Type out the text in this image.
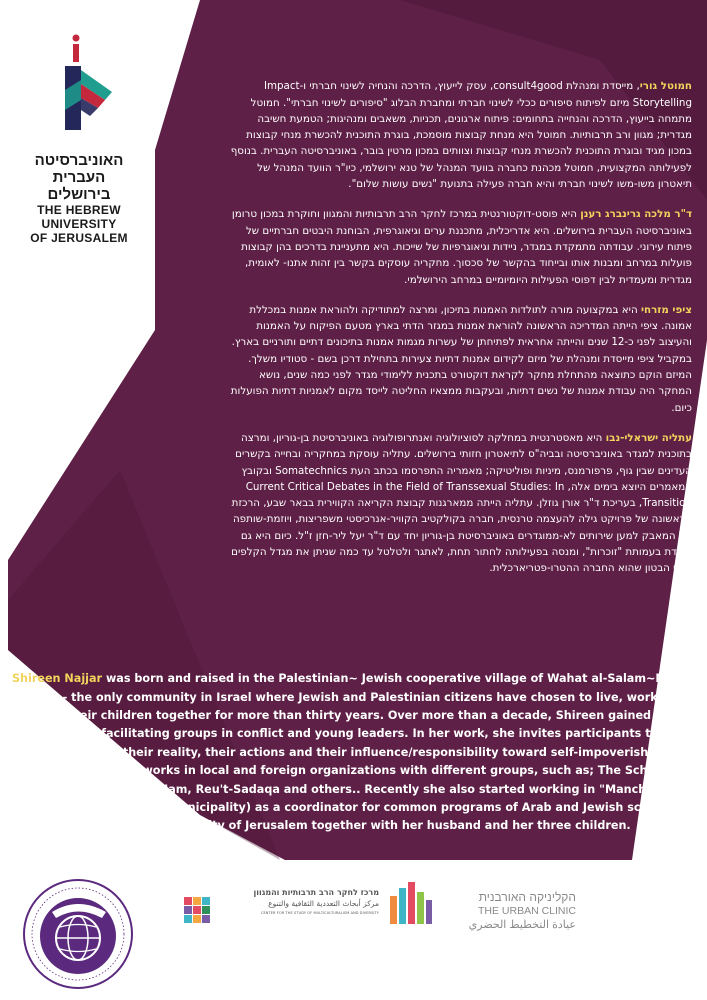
האוניברסיטה
העברית
בירושלים
THE HEBREW
UNIVERSITY
OF JERUSALEM

חמוטל גורי, מייסדת ומנהלת consult4good, עסק לייעוץ, הדרכה והנחיה לשינוי חברתי ו-Impact Storytelling מיזם לפיתוח סיפורים ככלי לשינוי חברתי ומחברת הבלוג "סיפורים לשינוי חברתי". חמוטל מתמחה בייעוץ, הדרכה והנחייה בתחומים: פיתוח ארגונים, תכניות, משאבים ומנהיגות; הטמעת חשיבה מגדרית; מגוון ורב תרבותיות. חמוטל היא מנחת קבוצות מוסמכת, בוגרת התוכנית להכשרת מנחי קבוצות במכון מגיד ובוגרת התוכנית להכשרת מנחי קבוצות וצוותים במכון מרטין בובר, באוניברסיטה העברית. בנוסף לפעילותה המקצועית, חמוטל מכהנת כחברה בוועד המנהל של טנא ירושלמי, כיו"ר הוועד המנהל של תיאטרון משו-משו לשינוי חברתי והיא חברה פעילה בתנועת "נשים עושות שלום".

ד"ר מלכה גרינברג רענן היא פוסט-דוקטורנטית במרכז לחקר הרב תרבותיות והמגוון וחוקרת במכון טרומן באוניברסיטה העברית בירושלים. היא אדריכלית, מתכננת ערים וגיאוגרפית, הבוחנת היבטים חברתיים של פיתוח עירוני. עבודתה מתמקדת במגדר, ניידות וגיאוגרפיות של שייכות. היא מתעניינת בדרכים בהן קבוצות פועלות במרחב ומבנות אותו ובייחוד בהקשר של סכסוך. מחקריה עוסקים בקשר בין זהות אתנו- לאומית, מגדרית ומעמדית לבין דפוסי הפעילות היומיומיים במרחב הירושלמי.

ציפי מזרחי היא במקצועה מורה לתולדות האמנות בתיכון, ומרצה למתודיקה ולהוראת אמנות במכללת אמונה. ציפי הייתה המדריכה הראשונה להוראת אמנות במגזר הדתי בארץ מטעם הפיקוח על האמנות והעיצוב לפני כ-12 שנים והייתה אחראית לפתיחתן של עשרות מגמות אמנות בתיכונים דתיים ותורניים בארץ. במקביל ציפי מייסדת ומנהלת של מיזם לקידום אמנות דתיות צעירות בתחילת דרכן בשם - סטודיו משלך. המיזם הוקם כתוצאה מהתחלת מחקר לקראת דוקטורט בתכנית ללימודי מגדר לפני כמה שנים, נושא המחקר היה עבודת אמנות של נשים דתיות, ובעקבות ממצאיו החליטה לייסד מקום לאמניות דתיות הפועלות כיום.

עתליה ישראלי-נבו היא מאסטרנטית במחלקה לסוציולוגיה ואנתרופולוגיה באוניברסיטת בן-גוריון, ומרצה בתוכנית למגדר באוניברסיטה ובביה"ס לתיאטרון חזותי בירושלים. עתליה עוסקת במחקריה ובחייה בקשרים העדינים שבין גוף, פרפורמנס, מיניות ופוליטיקה; מאמריה התפרסמו בכתב העת Somatechnics ובקובץ המאמרים היוצא בימים אלה, Current Critical Debates in the Field of Transsexual Studies: In Transition, בעריכת ד"ר אורן גוזלן. עתליה הייתה ממארגנות קבוצת הקריאה הקווירית בבאר שבע, הרכזת הראשונה של פרויקט גילה להעצמה טרנסית, חברה בקולקטיב הקוויר-אנרכיסטי משפריצות, ויוזמת-שותפה של המאבק למען שירותים לא-ממוגדרים באוניברסיטת בן-גוריון יחד עם ד"ר יעל ליר-חזן ז"ל. כיום היא גם עובדת בעמותת "זוכרות", ומנסה בפעילותה לחתור תחת, לאתגר ולטלטל עד כמה שניתן את מגדל הקלפים עשוי הבטון שהוא החברה ההטרו-פטריארכלית.

Shireen Najjar was born and raised in the Palestinian~ Jewish cooperative village of Wahat al-Salam~Neve Shalom - the only community in Israel where Jewish and Palestinian citizens have chosen to live, work and educate their children together for more than thirty years. Over more than a decade, Shireen gained a wide experience in facilitating groups in conflict and young leaders. In her work, she invites participants to try to face themselves, their reality, their actions and their influence/responsibility toward self-impoverishment and awareness. She works in local and foreign organizations with different groups, such as; The School for peace, Ipcri, Yes! Youth Jam, Reu't-Sadaqa and others.. Recently she also started working in "Manchi" (the educational sector in JM municipality) as a coordinator for common programs of Arab and Jewish schools. Currently, she lives in the old city of Jerusalem together with her husband and her three children.

מרכז לחקר הרב תרבותיות והמגוון
مركز أبحاث التعددية الثقافية والتنوع
CENTER FOR THE STUDY OF MULTICULTURALISM AND DIVERSITY
הקליניקה האורבנית
THE URBAN CLINIC
عيادة التخطيط الحضري
